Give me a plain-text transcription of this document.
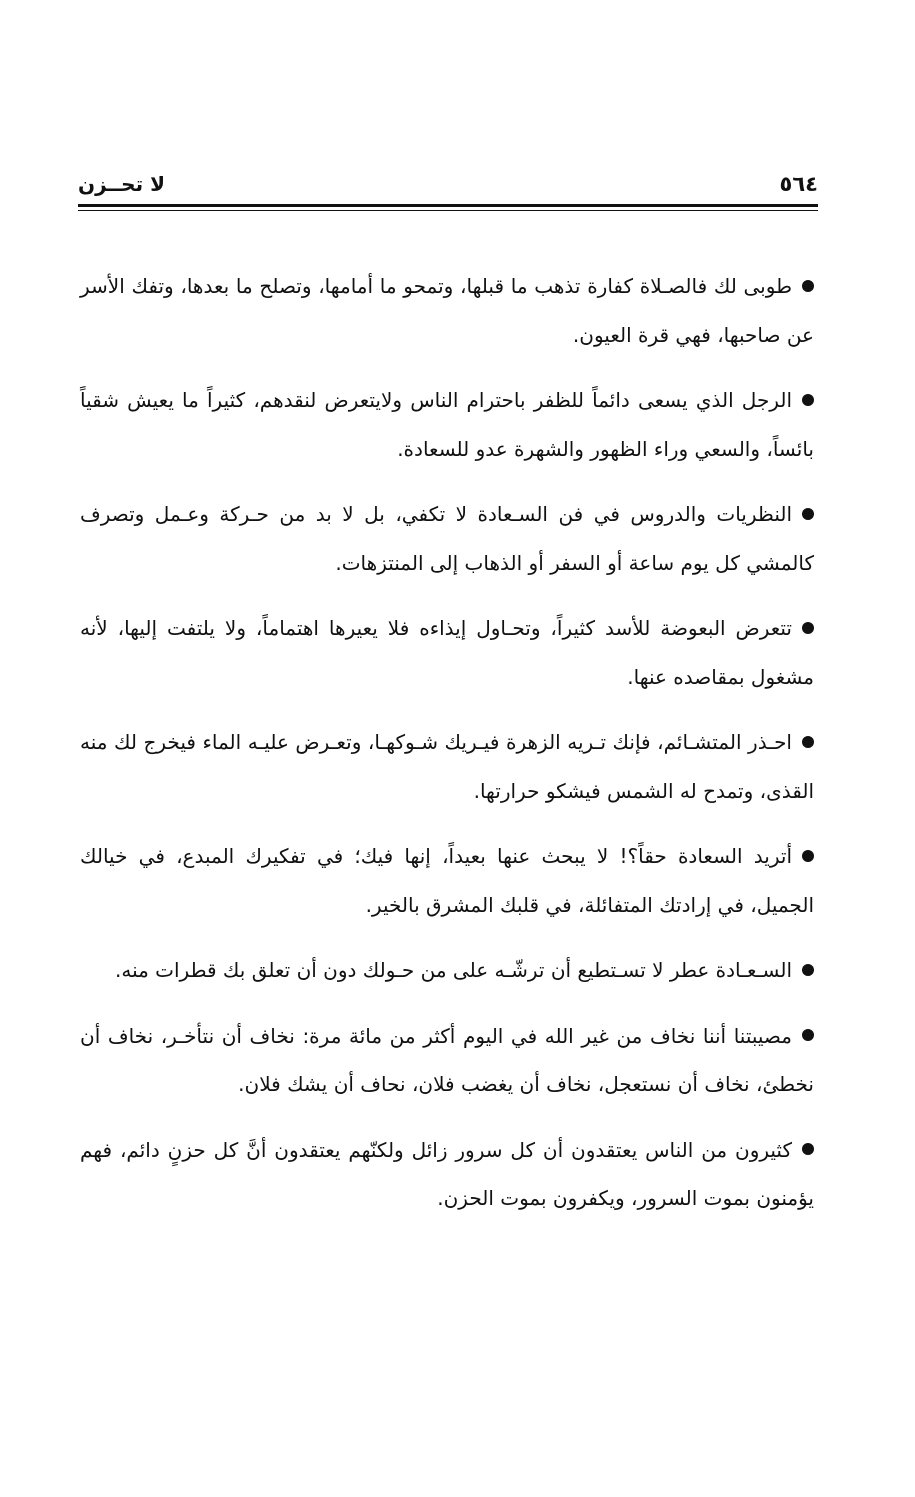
٥٦٤
لا تحــزن
طوبى لك فالصـلاة كفارة تذهب ما قبلها، وتمحو ما أمامها، وتصلح ما بعدها، وتفك الأسر عن صاحبها، فهي قرة العيون.
الرجل الذي يسعى دائماً للظفر باحترام الناس ولايتعرض لنقدهم، كثيراً ما يعيش شقياً بائساً، والسعي وراء الظهور والشهرة عدو للسعادة.
النظريات والدروس في فن السـعادة لا تكفي، بل لا بد من حـركة وعـمل وتصرف كالمشي كل يوم ساعة أو السفر أو الذهاب إلى المنتزهات.
تتعرض البعوضة للأسد كثيراً، وتحـاول إيذاءه فلا يعيرها اهتماماً، ولا يلتفت إليها، لأنه مشغول بمقاصده عنها.
احـذر المتشـائم، فإنك تـريه الزهرة فيـريك شـوكهـا، وتعـرض عليـه الماء فيخرج لك منه القذى، وتمدح له الشمس فيشكو حرارتها.
أتريد السعادة حقاً؟! لا يبحث عنها بعيداً، إنها فيك؛ في تفكيرك المبدع، في خيالك الجميل، في إرادتك المتفائلة، في قلبك المشرق بالخير.
السـعـادة عطر لا تسـتطيع أن ترشّـه على من حـولك دون أن تعلق بك قطرات منه.
مصيبتنا أننا نخاف من غير الله في اليوم أكثر من مائة مرة: نخاف أن نتأخـر، نخاف أن نخطئ، نخاف أن نستعجل، نخاف أن يغضب فلان، نحاف أن يشك فلان.
كثيرون من الناس يعتقدون أن كل سرور زائل ولكنّهم يعتقدون أنَّ كل حزنٍ دائم، فهم يؤمنون بموت السرور، ويكفرون بموت الحزن.
